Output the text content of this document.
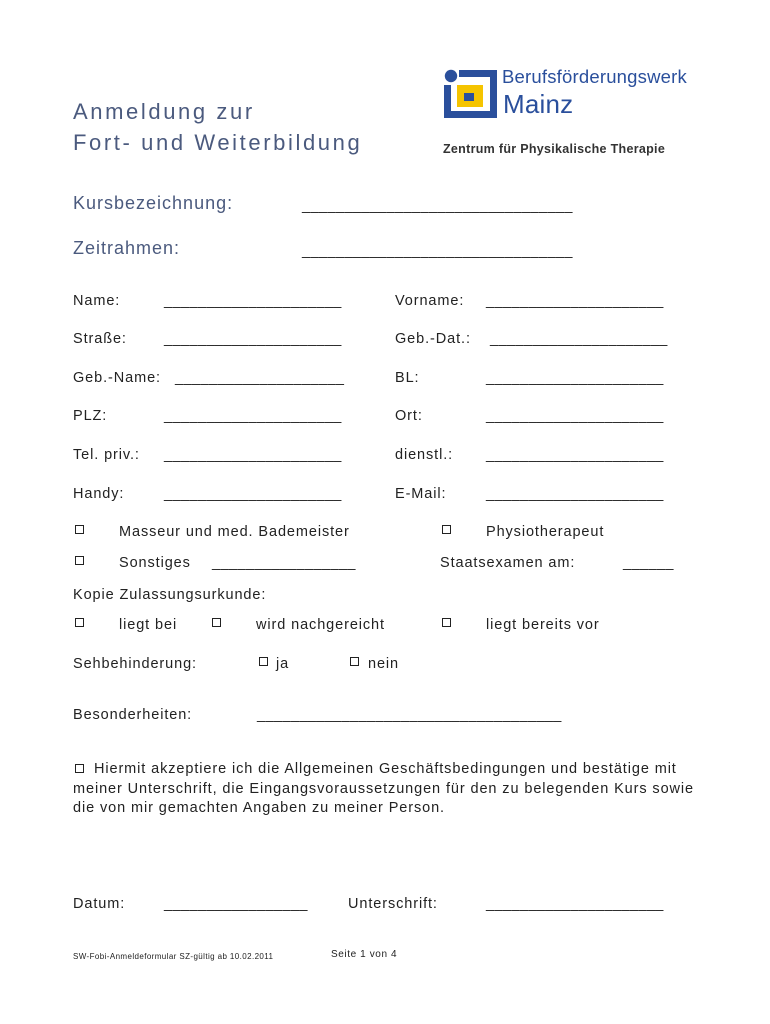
Anmeldung zur
Fort- und Weiterbildung
Berufsförderungswerk
Mainz
Zentrum für Physikalische Therapie
Kursbezeichnung:	________________________________
Zeitrahmen:	________________________________
Name:	_____________________	Vorname: _____________________
Straße:	_____________________	Geb.-Dat.: _____________________
Geb.-Name: ____________________	BL:	_____________________
PLZ:	_____________________	Ort:	_____________________
Tel. priv.: _____________________	dienstl.: _____________________
Handy:	_____________________	E-Mail:	_____________________
Masseur und med. Bademeister	Physiotherapeut
Sonstiges _________________	Staatsexamen am:	______
Kopie Zulassungsurkunde:
liegt bei	wird nachgereicht	liegt bereits vor
Sehbehinderung:	ja	nein
Besonderheiten:	____________________________________
Hiermit akzeptiere ich die Allgemeinen Geschäftsbedingungen und bestätige mit meiner Unterschrift, die Eingangsvoraussetzungen für den zu belegenden Kurs sowie die von mir gemachten Angaben zu meiner Person.
Datum:	_________________	Unterschrift:	_____________________
SW-Fobi-Anmeldeformular SZ-gültig ab 10.02.2011	Seite 1 von 4
